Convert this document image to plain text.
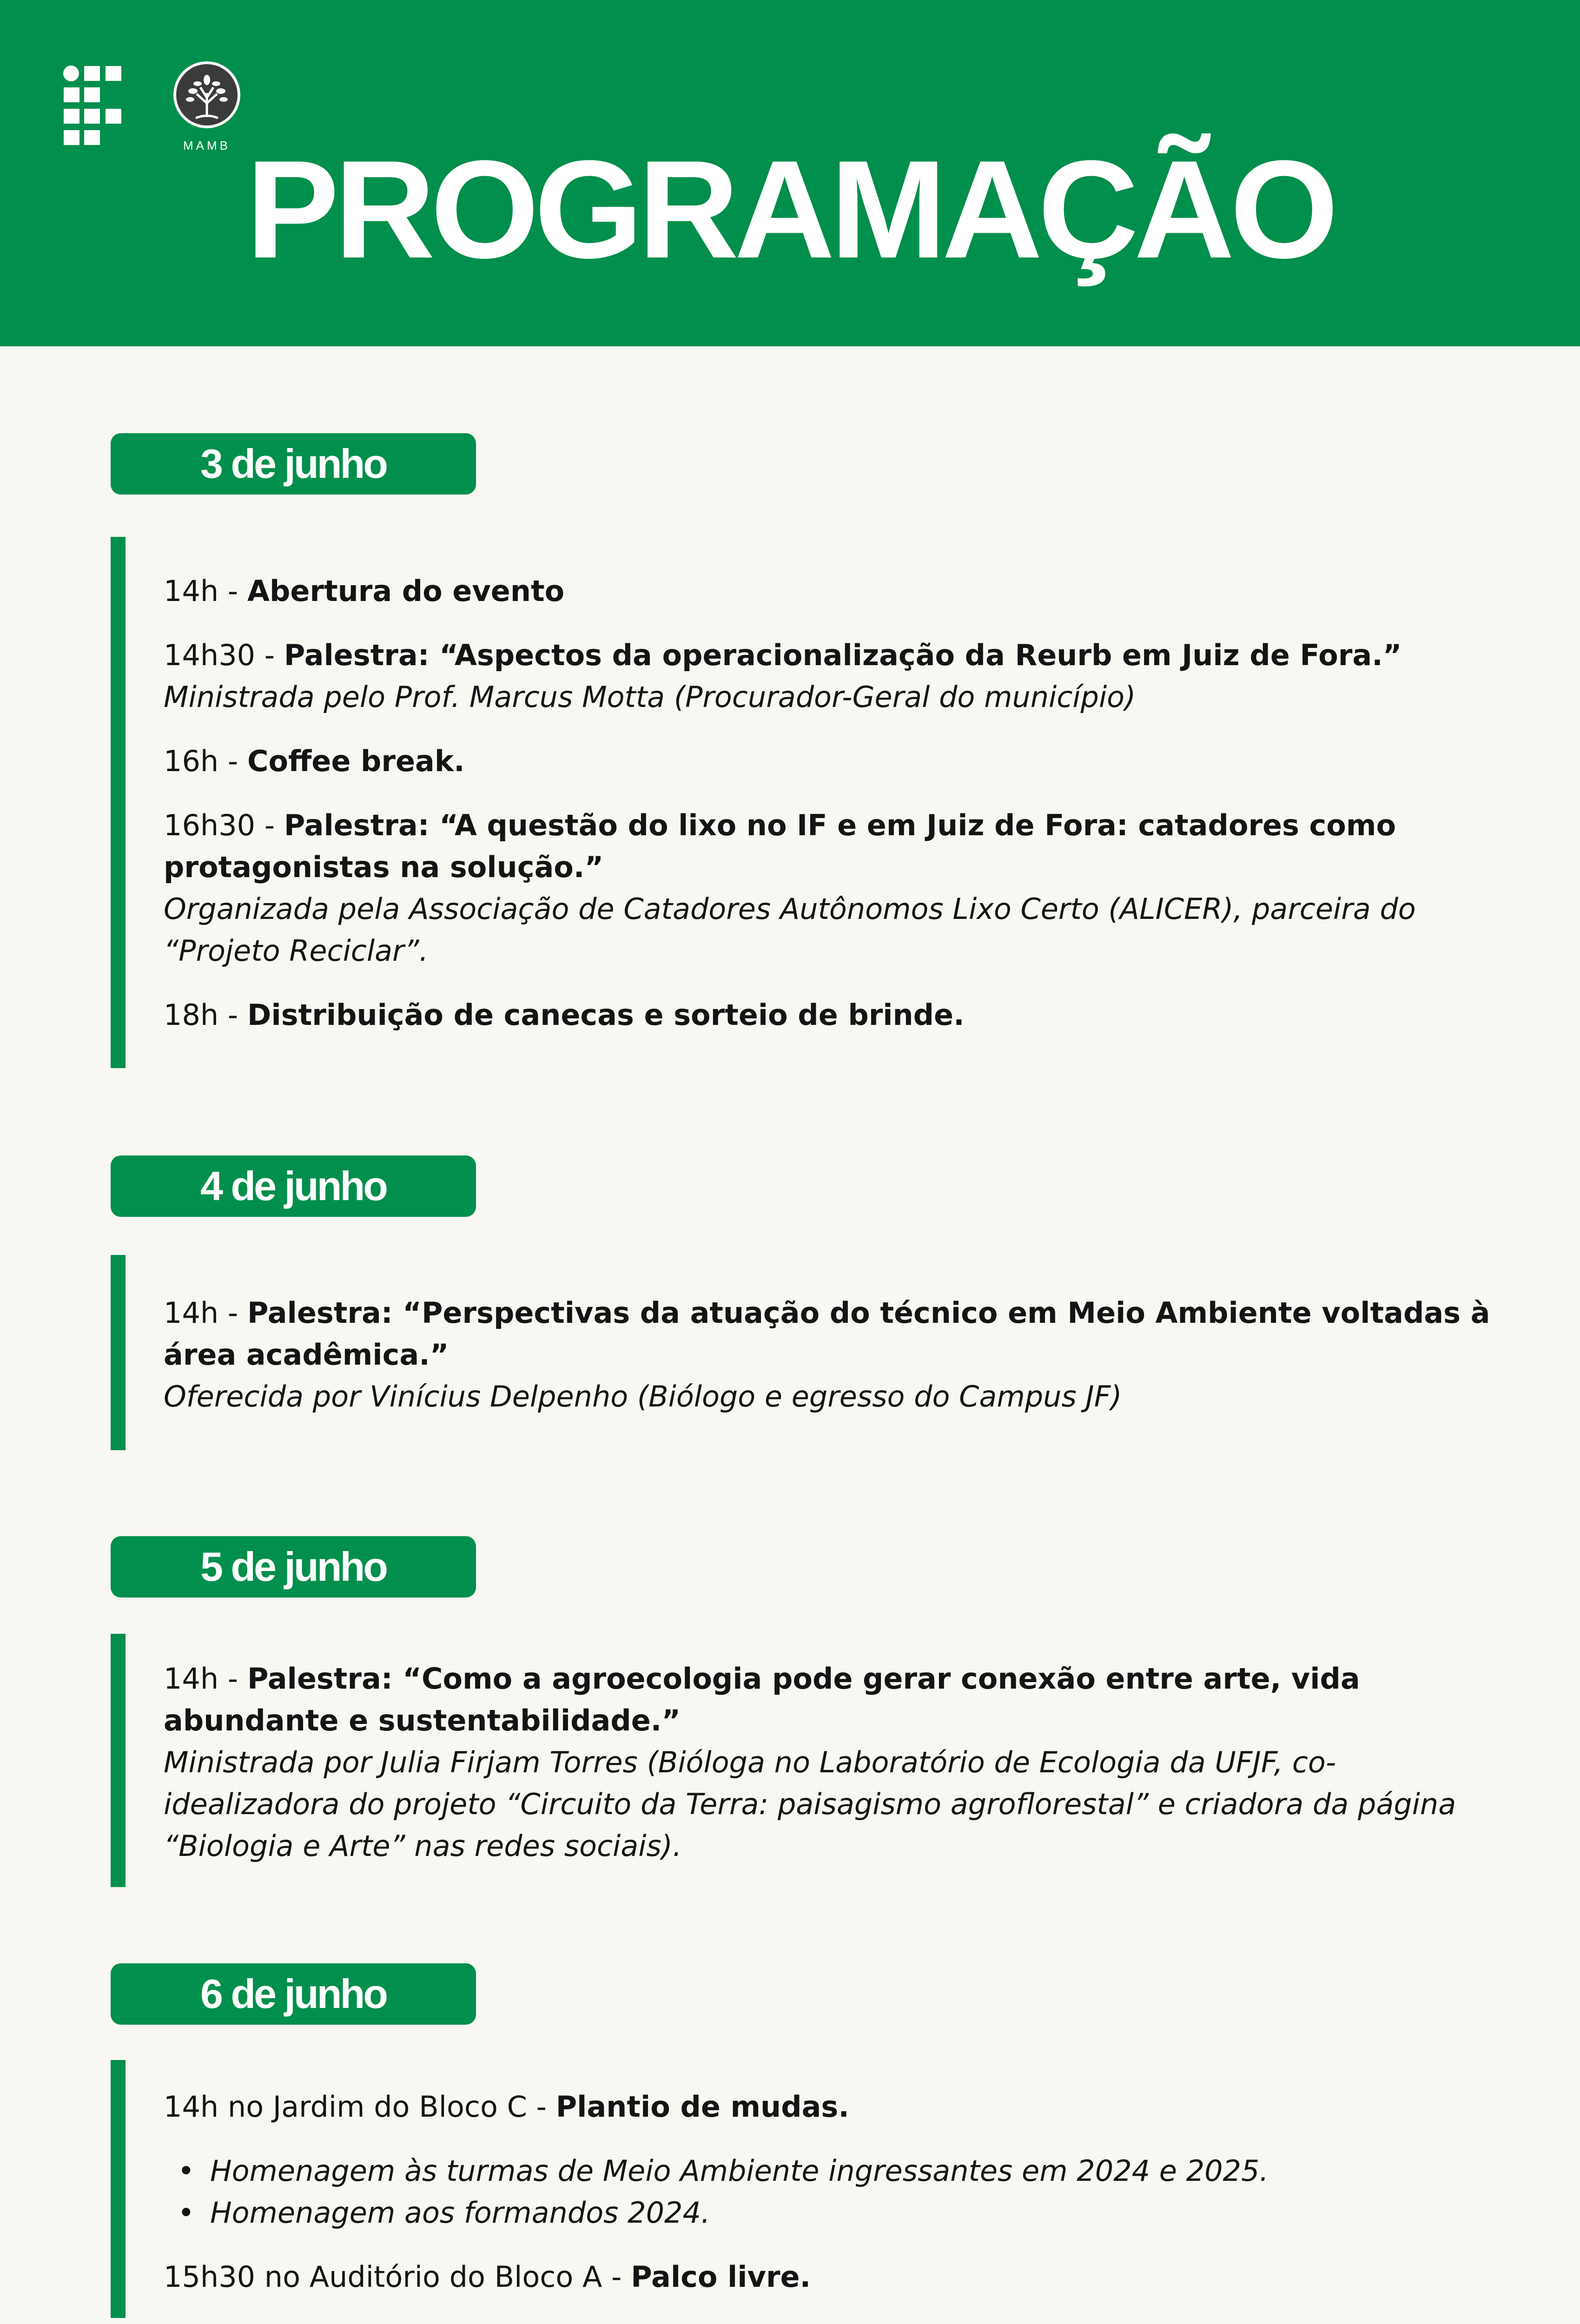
MAMB PROGRAMAÇÃO
3 de junho

14h - Abertura do evento

14h30 - Palestra: “Aspectos da operacionalização da Reurb em Juiz de Fora.”

Ministrada pelo Prof. Marcus Motta (Procurador-Geral do município)

16h - Coffee break.

16h30 - Palestra: “A questão do lixo no IF e em Juiz de Fora: catadores como protagonistas na solução.”

Organizada pela Associação de Catadores Autônomos Lixo Certo (ALICER), parceira do “Projeto Reciclar”.

18h - Distribuição de canecas e sorteio de brinde.

4 de junho

14h - Palestra: “Perspectivas da atuação do técnico em Meio Ambiente voltadas à área acadêmica.”

Oferecida por Vinícius Delpenho (Biólogo e egresso do Campus JF)

5 de junho

14h - Palestra: “Como a agroecologia pode gerar conexão entre arte, vida abundante e sustentabilidade.”

Ministrada por Julia Firjam Torres (Bióloga no Laboratório de Ecologia da UFJF, co-idealizadora do projeto “Circuito da Terra: paisagismo agroflorestal” e criadora da página “Biologia e Arte” nas redes sociais).

6 de junho

14h no Jardim do Bloco C - Plantio de mudas.

• Homenagem às turmas de Meio Ambiente ingressantes em 2024 e 2025.
• Homenagem aos formandos 2024.

15h30 no Auditório do Bloco A - Palco livre.
